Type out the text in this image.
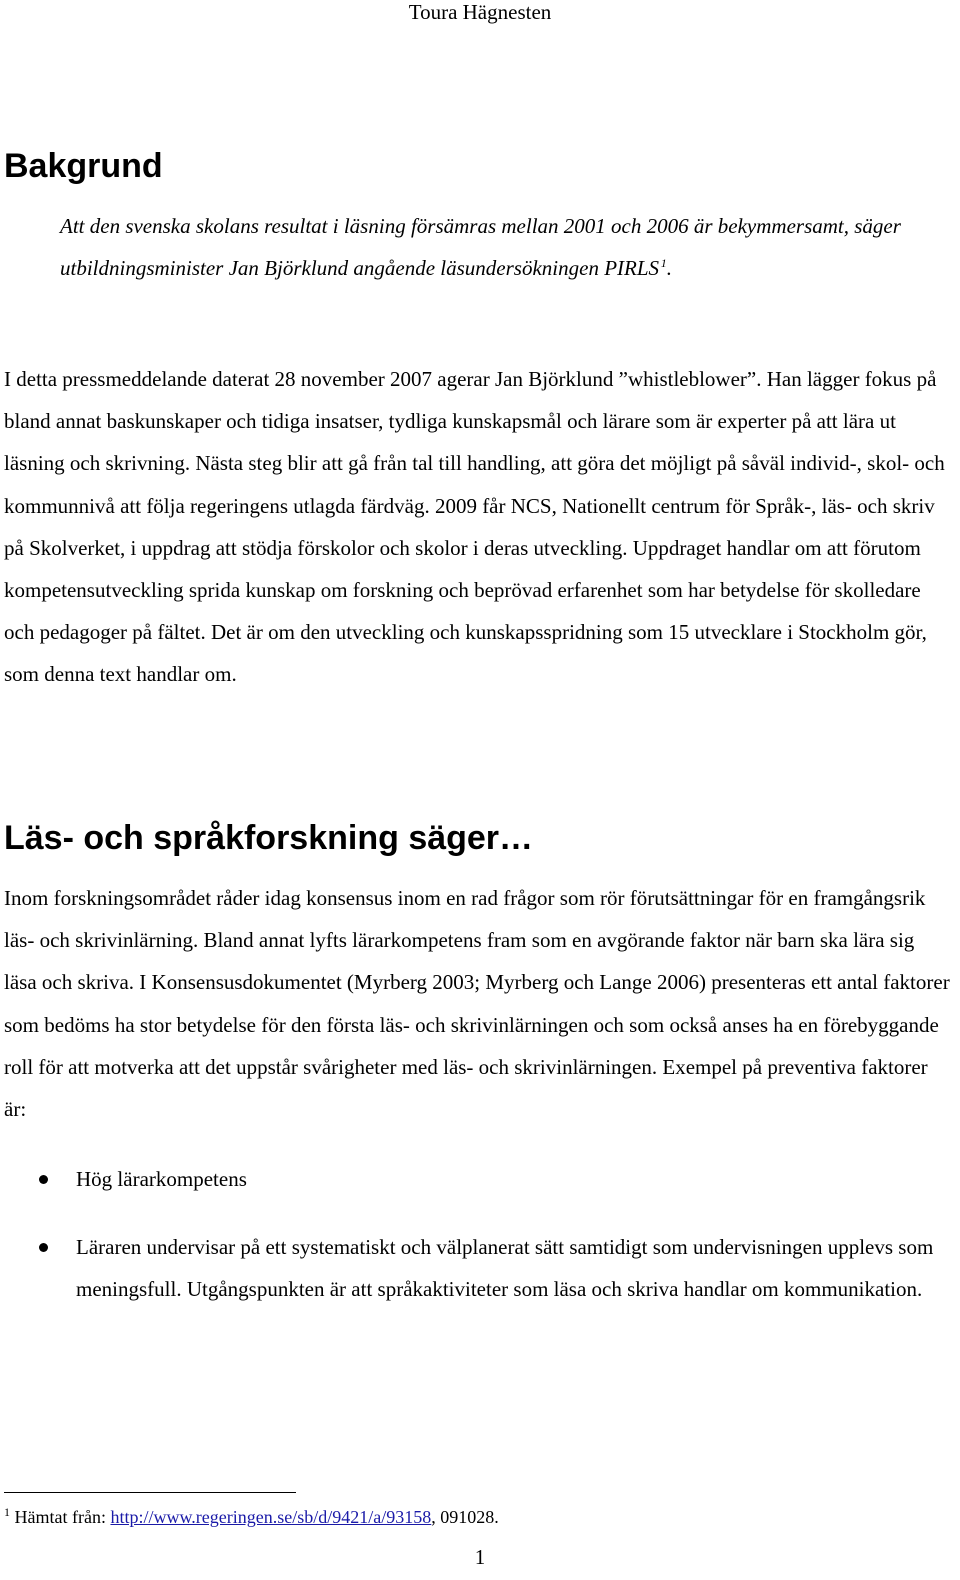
Toura Hägnesten
Bakgrund

Att den svenska skolans resultat i läsning försämras mellan 2001 och 2006 är bekymmersamt, säger utbildningsminister Jan Björklund angående läsundersökningen PIRLS  $^1$.

I detta pressmeddelande daterat 28 november 2007 agerar Jan Björklund ”whistleblower”. Han lägger fokus på bland annat baskunskaper och tidiga insatser, tydliga kunskapsmål och lärare som är experter på att lära ut läsning och skrivning. Nästa steg blir att gå från tal till handling, att göra det möjligt på såväl individ-, skol- och kommunnivå att följa regeringens utlagda färdväg. 2009 får NCS, Nationellt centrum för Språk-, läs- och skriv på Skolverket, i uppdrag att stödja förskolor och skolor i deras utveckling. Uppdraget handlar om att förutom kompetensutveckling sprida kunskap om forskning och beprövad erfarenhet som har betydelse för skolledare och pedagoger på fältet. Det är om den utveckling och kunskapsspridning som 15 utvecklare i Stockholm gör, som denna text handlar om.

Läs- och språkforskning säger…

Inom forskningsområdet råder idag konsensus inom en rad frågor som rör förutsättningar för en framgångsrik läs- och skrivinlärning. Bland annat lyfts lärarkompetens fram som en avgörande faktor när barn ska lära sig läsa och skriva. I Konsensusdokumentet (Myrberg 2003; Myrberg och Lange 2006) presenteras ett antal faktorer som bedöms ha stor betydelse för den första läs- och skrivinlärningen och som också anses ha en förebyggande roll för att motverka att det uppstår svårigheter med läs- och skrivinlärningen. Exempel på preventiva faktorer är:

Hög lärarkompetens
Läraren undervisar på ett systematiskt och välplanerat sätt samtidigt som undervisningen upplevs som meningsfull. Utgångspunkten är att språkaktiviteter som läsa och skriva handlar om kommunikation.
$^1$ Hämtat från: http://www.regeringen.se/sb/d/9421/a/93158, 091028.
1
